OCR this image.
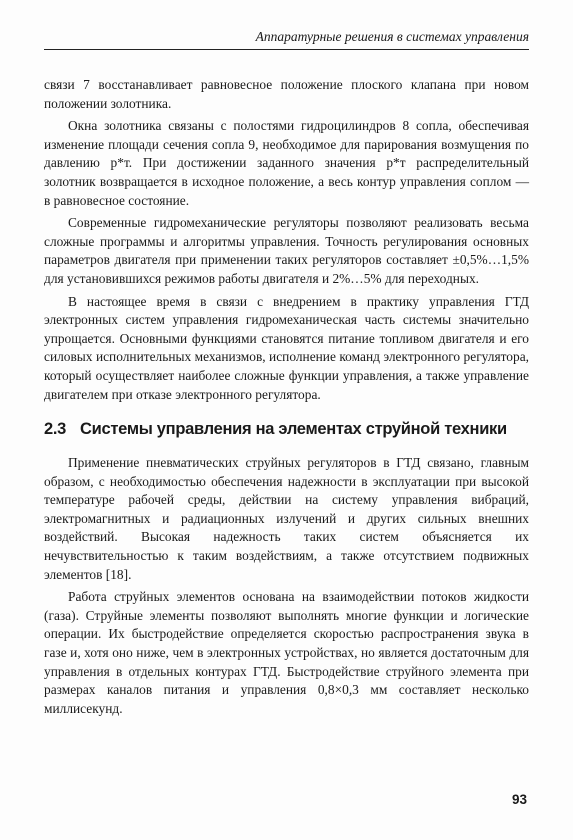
Аппаратурные решения в системах управления

связи 7 восстанавливает равновесное положение плоского клапана при новом положении золотника.

Окна золотника связаны с полостями гидроцилиндров 8 сопла, обеспечивая изменение площади сечения сопла 9, необходимое для парирования возмущения по давлению p*т. При достижении заданного значения p*т распределительный золотник возвращается в исходное положение, а весь контур управления соплом — в равновесное состояние.

Современные гидромеханические регуляторы позволяют реализовать весьма сложные программы и алгоритмы управления. Точность регулирования основных параметров двигателя при применении таких регуляторов составляет ±0,5%…1,5% для установившихся режимов работы двигателя и 2%…5% для переходных.

В настоящее время в связи с внедрением в практику управления ГТД электронных систем управления гидромеханическая часть системы значительно упрощается. Основными функциями становятся питание топливом двигателя и его силовых исполнительных механизмов, исполнение команд электронного регулятора, который осуществляет наиболее сложные функции управления, а также управление двигателем при отказе электронного регулятора.

2.3 Системы управления на элементах струйной техники

Применение пневматических струйных регуляторов в ГТД связано, главным образом, с необходимостью обеспечения надежности в эксплуатации при высокой температуре рабочей среды, действии на систему управления вибраций, электромагнитных и радиационных излучений и других сильных внешних воздействий. Высокая надежность таких систем объясняется их нечувствительностью к таким воздействиям, а также отсутствием подвижных элементов [18].

Работа струйных элементов основана на взаимодействии потоков жидкости (газа). Струйные элементы позволяют выполнять многие функции и логические операции. Их быстродействие определяется скоростью распространения звука в газе и, хотя оно ниже, чем в электронных устройствах, но является достаточным для управления в отдельных контурах ГТД. Быстродействие струйного элемента при размерах каналов питания и управления 0,8×0,3 мм составляет несколько миллисекунд.

93
